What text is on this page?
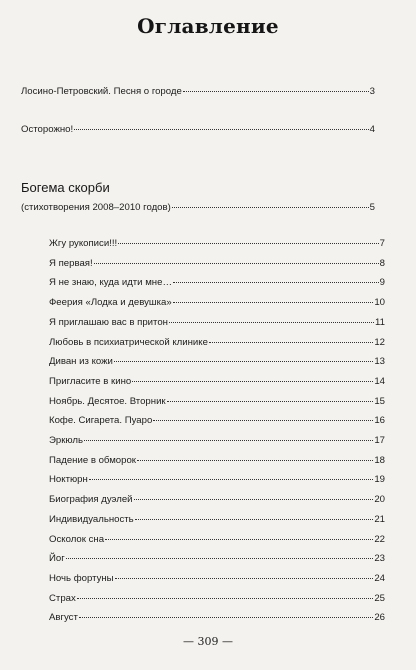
Оглавление
Лосино-Петровский. Песня о городе	3
Осторожно!	4
Богема скорби
(стихотворения 2008–2010 годов)	5
Жгу рукописи!!!	7
Я первая!	8
Я не знаю, куда идти мне…	9
Феерия «Лодка и девушка»	10
Я приглашаю вас в притон	11
Любовь в психиатрической клинике	12
Диван из кожи	13
Пригласите в кино	14
Ноябрь. Десятое. Вторник	15
Кофе. Сигарета. Пуаро	16
Эркюль	17
Падение в обморок	18
Ноктюрн	19
Биография дуэлей	20
Индивидуальность	21
Осколок сна	22
Йог	23
Ночь фортуны	24
Страх	25
Август	26
— 309 —
